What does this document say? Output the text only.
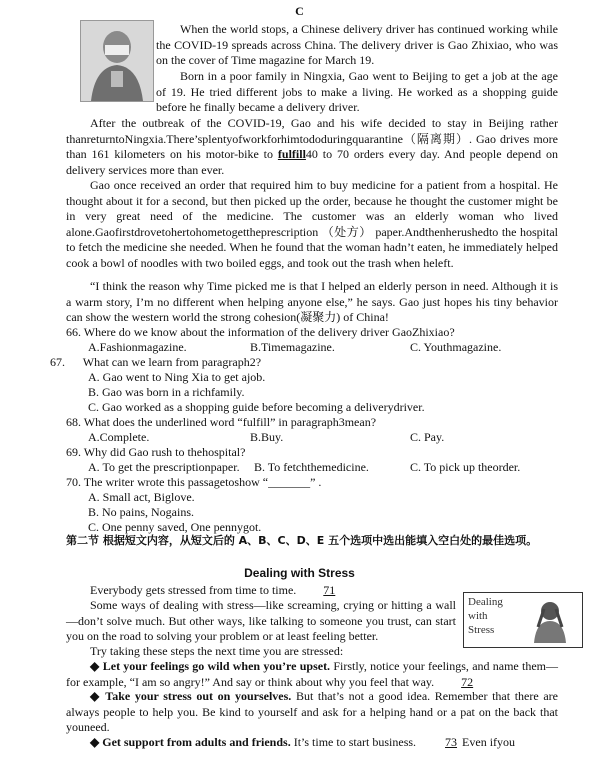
C

When the world stops, a Chinese delivery driver has continued working while the COVID-19 spreads across China. The delivery driver is Gao Zhixiao, who was on the cover of Time magazine for March 19.

Born in a poor family in Ningxia, Gao went to Beijing to get a job at the age of 19. He tried different jobs to make a living. He worked as a shopping guide before he finally became a delivery driver.

After the outbreak of the COVID-19, Gao and his wife decided to stay in Beijing rather thanreturntoNingxia.There’splentyofworkforhimtododuringquarantine（隔离期）. Gao drives more than 161 kilometers on his motor-bike to fulfill40 to 70 orders every day. And people depend on delivery services more than ever.

Gao once received an order that required him to buy medicine for a patient from a hospital. He thought about it for a second, but then picked up the order, because he thought the customer might be in very great need of the medicine. The customer was an elderly woman who lived alone.Gaofirstdrovetohertohometogettheprescription （处方） paper.Andthenherushedto the hospital to fetch the medicine she needed. When he found that the woman hadn’t eaten, he immediately helped cook a bowl of noodles with two boiled eggs, and took out the trash when heleft.

“I think the reason why Time picked me is that I helped an elderly person in need. Although it is a warm story, I’m no different when helping anyone else,” he says. Gao just hopes his tiny behavior can show the western world the strong cohesion(凝聚力) of China!

66. Where do we know about the information of the delivery driver GaoZhixiao?

A.Fashionmagazine.	B.Timemagazine.	C. Youthmagazine.

67. What can we learn from paragraph2?

A. Gao went to Ning Xia to get ajob.

B. Gao was born in a richfamily.

C. Gao worked as a shopping guide before becoming a deliverydriver.

68. What does the underlined word “fulfill” in paragraph3mean?

A.Complete.	B.Buy.	C. Pay.

69. Why did Gao rush to thehospital?

A. To get the prescriptionpaper. B. To fetchthemedicine.	C. To pick up theorder.

70. The writer wrote this passagetoshow “_______” .

A. Small act, Biglove.

B. No pains, Nogains.

C. One penny saved, One pennygot.

第二节 根据短文内容，从短文后的 A、B、C、D、E 五个选项中选出能填入空白处的最佳选项。
Dealing with Stress
Dealing
with
Stress

Everybody gets stressed from time to time. 71

Some ways of dealing with stress—like screaming, crying or hitting a wall—don’t solve much. But other ways, like talking to someone you trust, can start you on the road to solving your problem or at least feeling better.

Try taking these steps the next time you are stressed:

◆ Let your feelings go wild when you’re upset. Firstly, notice your feelings, and name them—for example, “I am so angry!” And say or think about why you feel that way. 72

◆ Take your stress out on yourselves. But that’s not a good idea. Remember that there are always people to help you. Be kind to yourself and ask for a helping hand or a pat on the back that youneed.

◆ Get support from adults and friends. It’s time to start business. 73 Even ifyou
